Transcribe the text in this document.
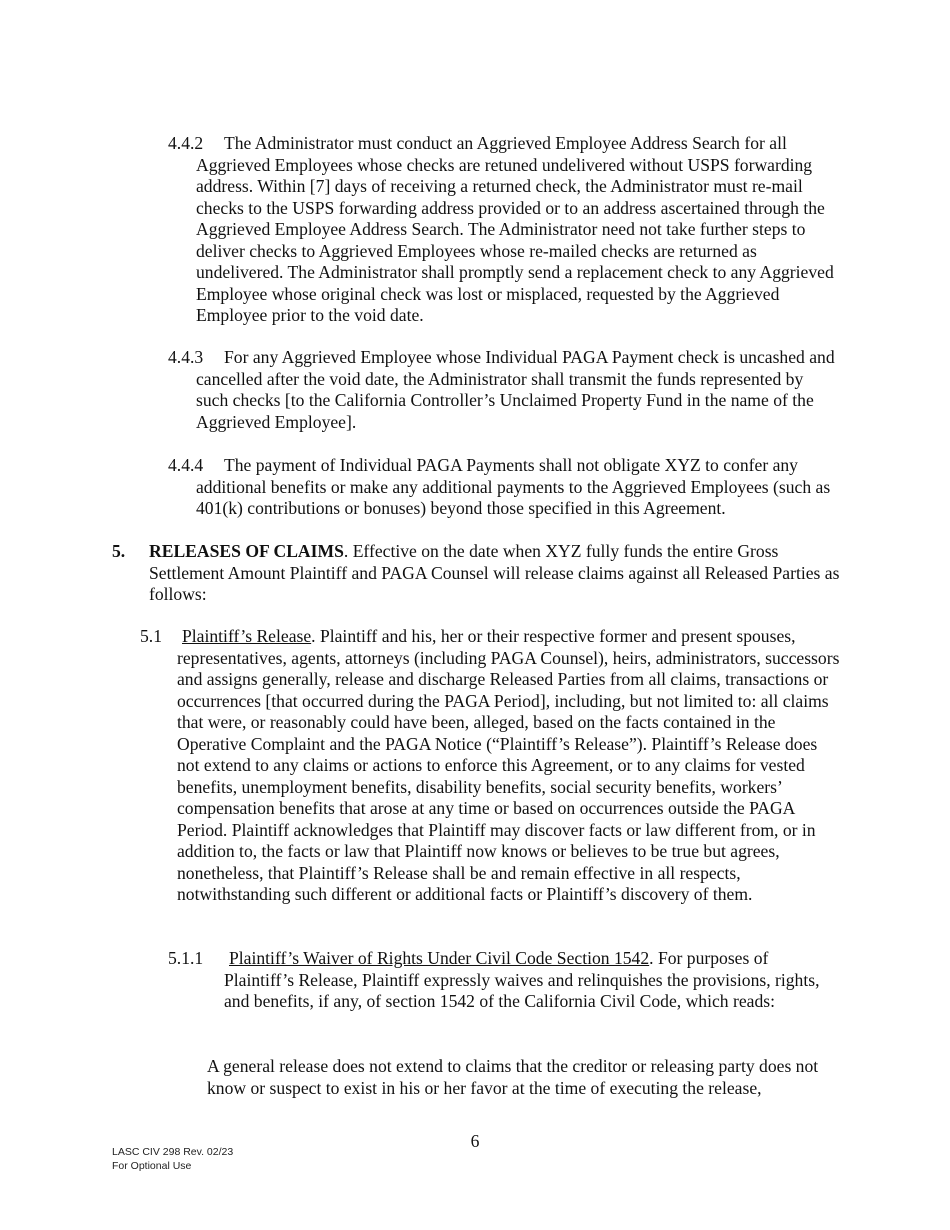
4.4.2	The Administrator must conduct an Aggrieved Employee Address Search for all Aggrieved Employees whose checks are retuned undelivered without USPS forwarding address. Within [7] days of receiving a returned check, the Administrator must re-mail checks to the USPS forwarding address provided or to an address ascertained through the Aggrieved Employee Address Search. The Administrator need not take further steps to deliver checks to Aggrieved Employees whose re-mailed checks are returned as undelivered. The Administrator shall promptly send a replacement check to any Aggrieved Employee whose original check was lost or misplaced, requested by the Aggrieved Employee prior to the void date.
4.4.3	For any Aggrieved Employee whose Individual PAGA Payment check is uncashed and cancelled after the void date, the Administrator shall transmit the funds represented by such checks [to the California Controller’s Unclaimed Property Fund in the name of the Aggrieved Employee].
4.4.4	The payment of Individual PAGA Payments shall not obligate XYZ to confer any additional benefits or make any additional payments to the Aggrieved Employees (such as 401(k) contributions or bonuses) beyond those specified in this Agreement.
5. RELEASES OF CLAIMS. Effective on the date when XYZ fully funds the entire Gross Settlement Amount Plaintiff and PAGA Counsel will release claims against all Released Parties as follows:
5.1	Plaintiff’s Release. Plaintiff and his, her or their respective former and present spouses, representatives, agents, attorneys (including PAGA Counsel), heirs, administrators, successors and assigns generally, release and discharge Released Parties from all claims, transactions or occurrences [that occurred during the PAGA Period], including, but not limited to: all claims that were, or reasonably could have been, alleged, based on the facts contained in the Operative Complaint and the PAGA Notice (“Plaintiff’s Release”). Plaintiff’s Release does not extend to any claims or actions to enforce this Agreement, or to any claims for vested benefits, unemployment benefits, disability benefits, social security benefits, workers’ compensation benefits that arose at any time or based on occurrences outside the PAGA Period. Plaintiff acknowledges that Plaintiff may discover facts or law different from, or in addition to, the facts or law that Plaintiff now knows or believes to be true but agrees, nonetheless, that Plaintiff’s Release shall be and remain effective in all respects, notwithstanding such different or additional facts or Plaintiff’s discovery of them.
5.1.1	Plaintiff’s Waiver of Rights Under Civil Code Section 1542. For purposes of Plaintiff’s Release, Plaintiff expressly waives and relinquishes the provisions, rights, and benefits, if any, of section 1542 of the California Civil Code, which reads:
A general release does not extend to claims that the creditor or releasing party does not know or suspect to exist in his or her favor at the time of executing the release,
6
LASC CIV 298 Rev. 02/23
For Optional Use
